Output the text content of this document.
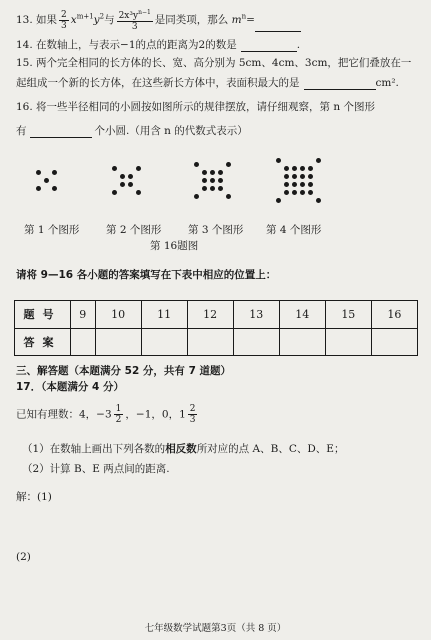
13. 如果 $\frac{2}{3} x^{m+1}y^2$与 $\frac{2x^3y^{n-1}}{3}$ 是同类项，那么 $m^n=$
14. 在数轴上，与表示−1的点的距离为2的数是	.
15. 两个完全相同的长方体的长、宽、高分别为 5cm、4cm、3cm，把它们叠放在一
起组成一个新的长方体，在这些新长方体中，表面积最大的是	cm².
16. 将一些半径相同的小圆按如图所示的规律摆放，请仔细观察，第 n 个图形
有	个小圆.（用含 n 的代数式表示）
第 1 个图形	第 2 个图形	第 3 个图形 第 4 个图形
第 16题图
请将 9—16 各小题的答案填写在下表中相应的位置上：
题号	9	10	11	12	13	14	15	16
答案								
三、解答题（本题满分 52 分，共有 7 道题）
17．（本题满分 4 分）
已知有理数：4，$-3 \frac{1}{2}$ ，−1，0，$1 \frac{2}{3}$
（1）在数轴上画出下列各数的相反数所对应的点 A、B、C、D、E；
（2）计算 B、E 两点间的距离.
解：(1)
(2)
七年级数学试题第3页（共 8 页）
